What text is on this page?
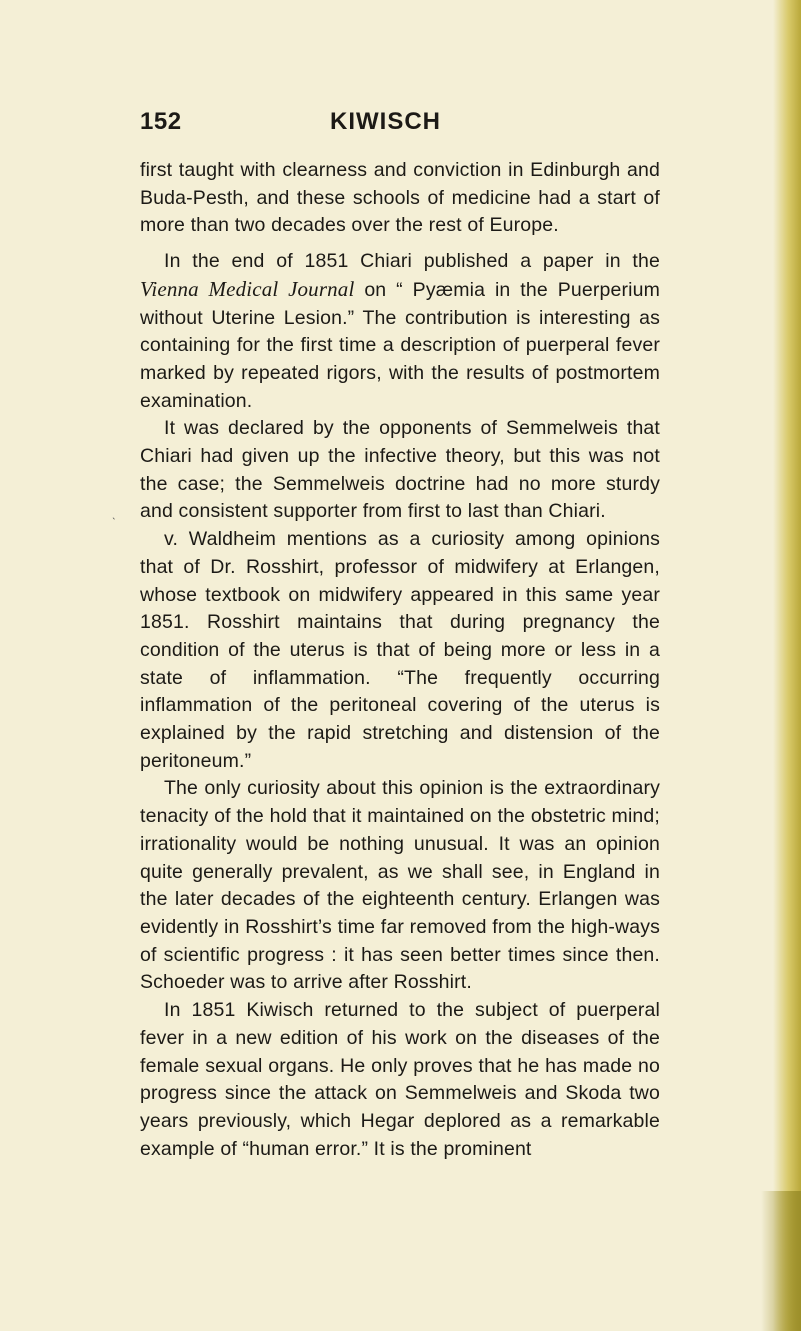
152	KIWISCH
ˎ

first taught with clearness and conviction in Edinburgh and Buda-Pesth, and these schools of medicine had a start of more than two decades over the rest of Europe.

In the end of 1851 Chiari published a paper in the Vienna Medical Journal on “ Pyæmia in the Puerperium without Uterine Lesion.” The contribution is interesting as containing for the first time a description of puerperal fever marked by repeated rigors, with the results of postmortem examination.

It was declared by the opponents of Semmelweis that Chiari had given up the infective theory, but this was not the case; the Semmelweis doctrine had no more sturdy and consistent supporter from first to last than Chiari.

v. Waldheim mentions as a curiosity among opinions that of Dr. Rosshirt, professor of midwifery at Erlangen, whose textbook on midwifery appeared in this same year 1851. Rosshirt maintains that during pregnancy the condition of the uterus is that of being more or less in a state of inflammation. “The frequently occurring inflammation of the peritoneal covering of the uterus is explained by the rapid stretching and distension of the peritoneum.”

The only curiosity about this opinion is the extraordinary tenacity of the hold that it maintained on the obstetric mind; irrationality would be nothing unusual. It was an opinion quite generally prevalent, as we shall see, in England in the later decades of the eighteenth century. Erlangen was evidently in Rosshirt’s time far removed from the high-ways of scientific progress : it has seen better times since then. Schoeder was to arrive after Rosshirt.

In 1851 Kiwisch returned to the subject of puerperal fever in a new edition of his work on the diseases of the female sexual organs. He only proves that he has made no progress since the attack on Semmelweis and Skoda two years previously, which Hegar deplored as a remarkable example of “human error.” It is the prominent
